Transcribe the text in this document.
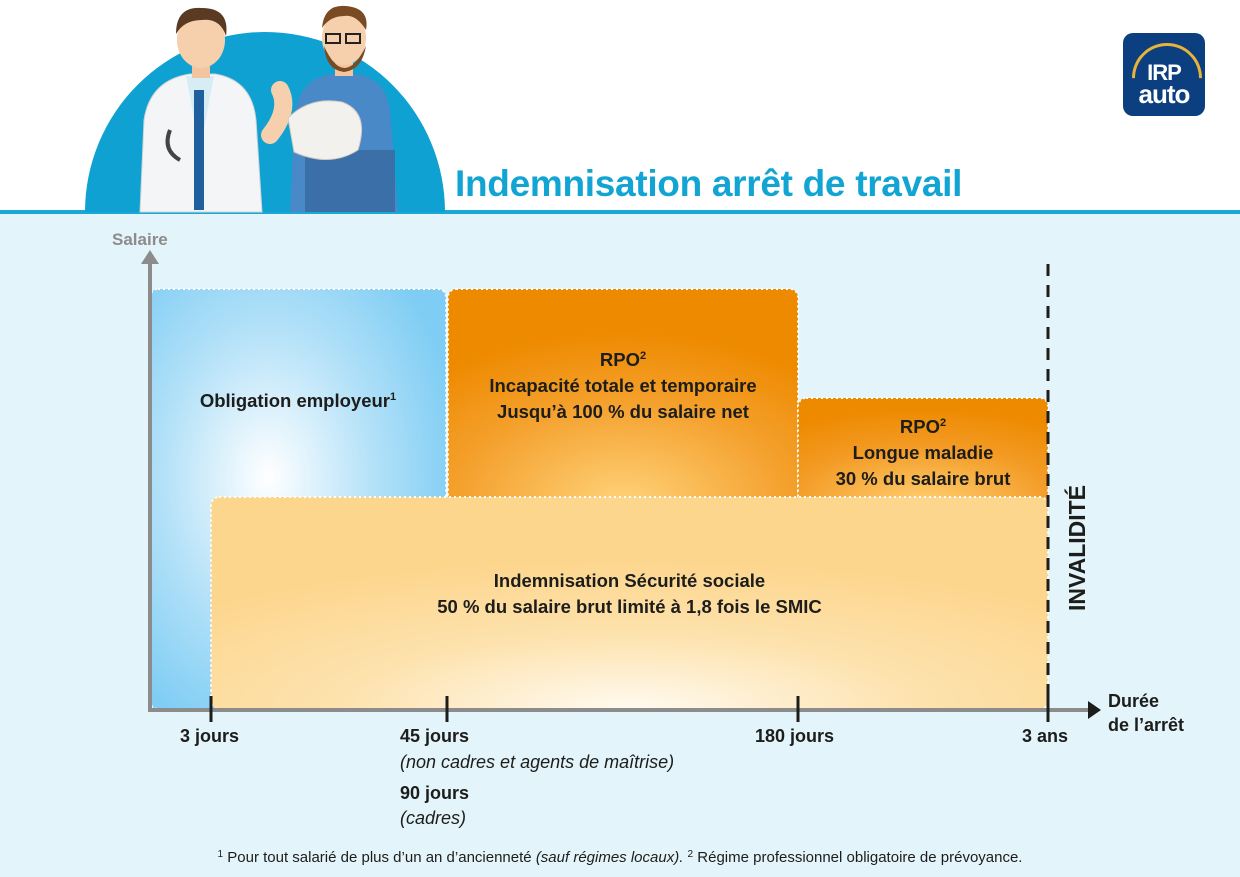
IRP
auto
Indemnisation arrêt de travail
INVALIDITÉ
Salaire
Durée
de l’arrêt
3 jours	45 jours
(non cadres et agents de maîtrise)
90 jours
(cadres)
180 jours	3 ans
Obligation employeur$^1$
RPO$^2$
Incapacité totale et temporaire
Jusqu’à 100 % du salaire net
RPO$^2$
Longue maladie
30 % du salaire brut
Indemnisation Sécurité sociale
50 % du salaire brut limité à 1,8 fois le SMIC
$^1$ Pour tout salarié de plus d’un an d’ancienneté (sauf régimes locaux). $^2$ Régime professionnel obligatoire de prévoyance.
